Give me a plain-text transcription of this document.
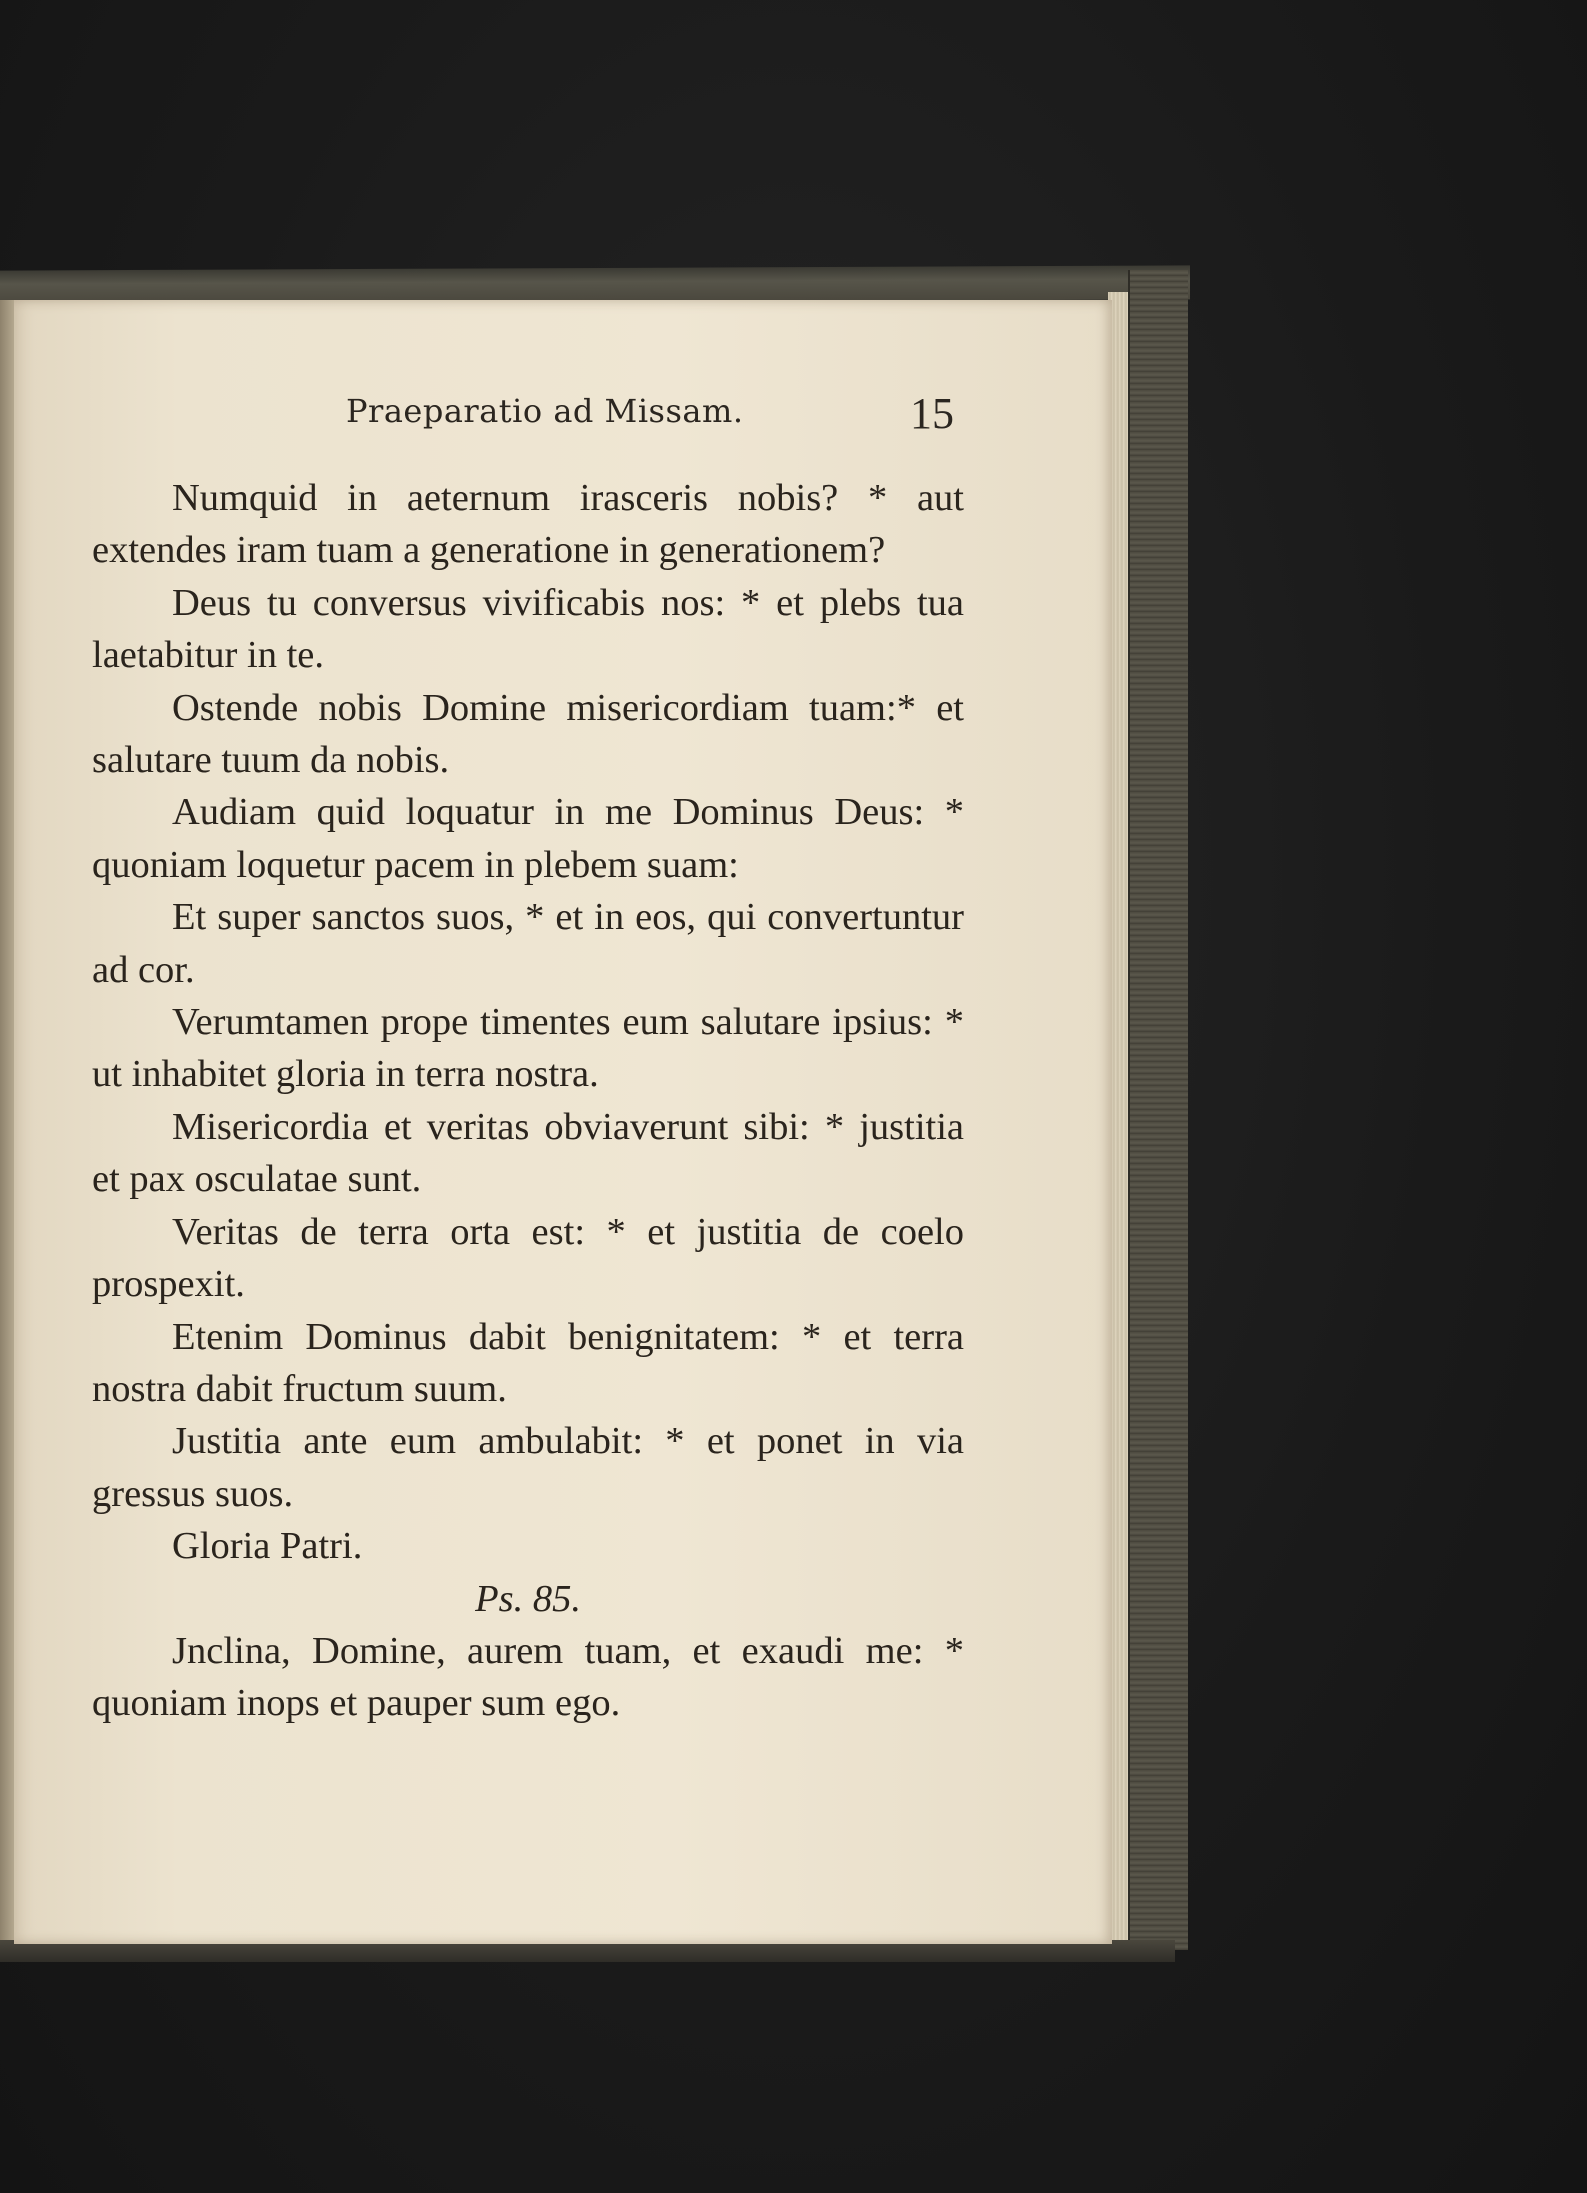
Praeparatio ad Missam.	15

Numquid in aeternum irasceris nobis? * aut extendes iram tuam a generatione in generationem?

Deus tu conversus vivificabis nos: * et plebs tua laetabitur in te.

Ostende nobis Domine misericordiam tuam:* et salutare tuum da nobis.

Audiam quid loquatur in me Dominus Deus: * quoniam loquetur pacem in plebem suam:

Et super sanctos suos, * et in eos, qui convertuntur ad cor.

Verumtamen prope timentes eum salutare ipsius: * ut inhabitet gloria in terra nostra.

Misericordia et veritas obviaverunt sibi: * justitia et pax osculatae sunt.

Veritas de terra orta est: * et justitia de coelo prospexit.

Etenim Dominus dabit benignitatem: * et terra nostra dabit fructum suum.

Justitia ante eum ambulabit: * et ponet in via gressus suos.

Gloria Patri.

Ps. 85.

Jnclina, Domine, aurem tuam, et exaudi me: * quoniam inops et pauper sum ego.
